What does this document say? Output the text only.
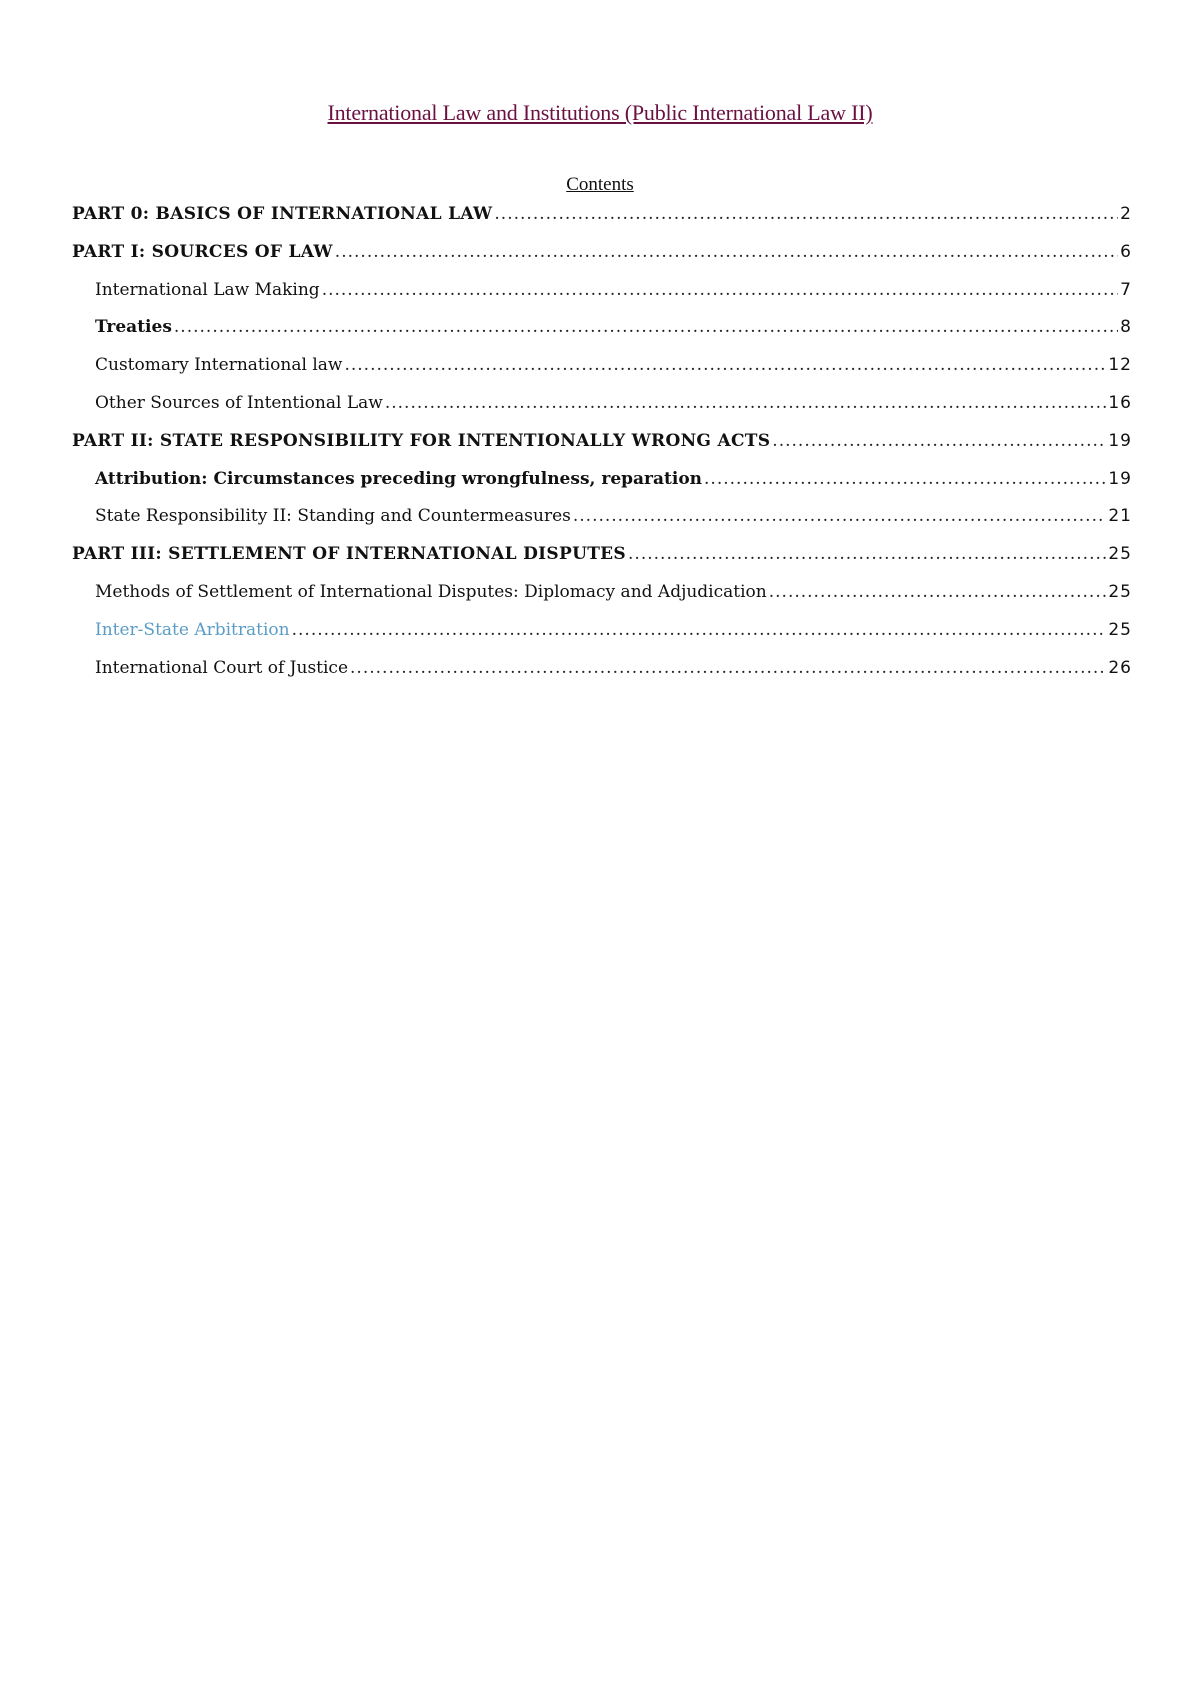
International Law and Institutions (Public International Law II)
Contents
PART 0: BASICS OF INTERNATIONAL LAW .....	2
PART I: SOURCES OF LAW .....	6
International Law Making .....	7
Treaties .....	8
Customary International law .....	12
Other Sources of Intentional Law .....	16
PART II: STATE RESPONSIBILITY FOR INTENTIONALLY WRONG ACTS .....	19
Attribution: Circumstances preceding wrongfulness, reparation .....	19
State Responsibility II: Standing and Countermeasures .....	21
PART III: SETTLEMENT OF INTERNATIONAL DISPUTES .....	25
Methods of Settlement of International Disputes: Diplomacy and Adjudication .....	25
Inter-State Arbitration .....	25
International Court of Justice .....	26
